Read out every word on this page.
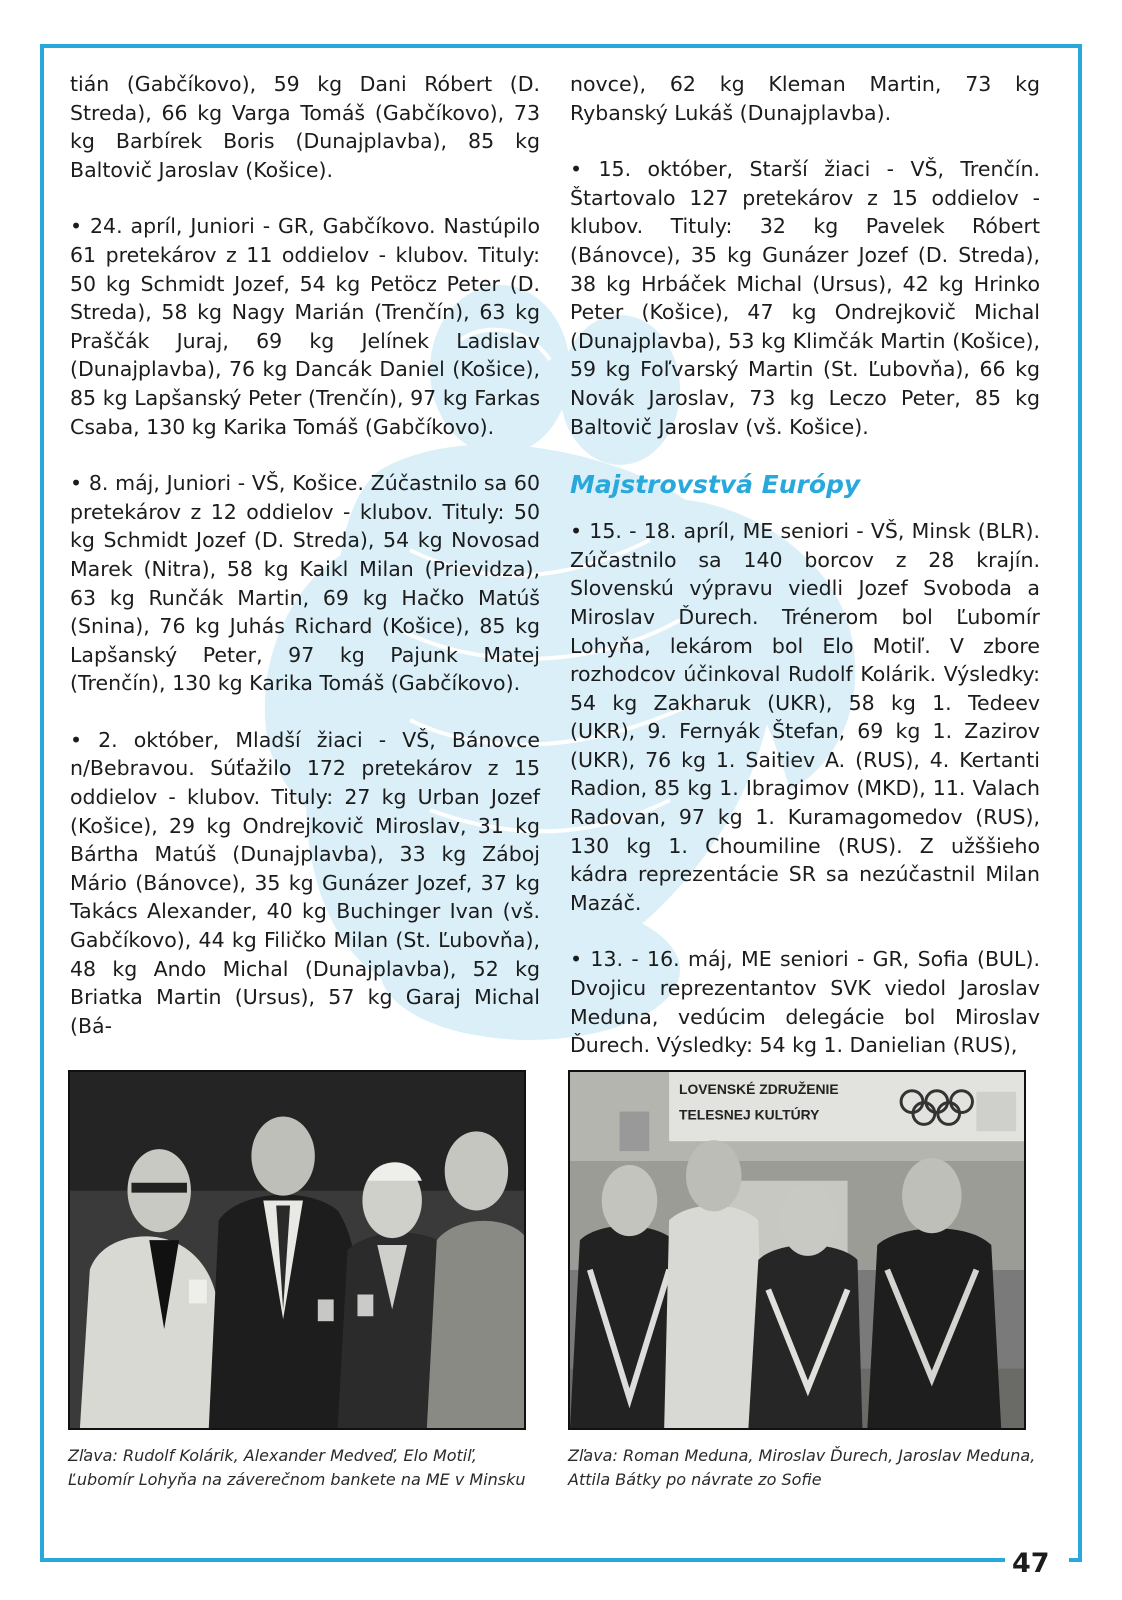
tián (Gabčíkovo), 59 kg Dani Róbert (D. Streda), 66 kg Varga Tomáš (Gabčíkovo), 73 kg Barbírek Boris (Dunajplavba), 85 kg Baltovič Jaroslav (Košice).

• 24. apríl, Juniori - GR, Gabčíkovo. Nastúpilo 61 pretekárov z 11 oddielov - klubov. Tituly: 50 kg Schmidt Jozef, 54 kg Petöcz Peter (D. Streda), 58 kg Nagy Marián (Trenčín), 63 kg Praščák Juraj, 69 kg Jelínek Ladislav (Dunajplavba), 76 kg Dancák Daniel (Košice), 85 kg Lapšanský Peter (Trenčín), 97 kg Farkas Csaba, 130 kg Karika Tomáš (Gabčíkovo).

• 8. máj, Juniori - VŠ, Košice. Zúčastnilo sa 60 pretekárov z 12 oddielov - klubov. Tituly: 50 kg Schmidt Jozef (D. Streda), 54 kg Novosad Marek (Nitra), 58 kg Kaikl Milan (Prievidza), 63 kg Runčák Martin, 69 kg Hačko Matúš (Snina), 76 kg Juhás Richard (Košice), 85 kg Lapšanský Peter, 97 kg Pajunk Matej (Trenčín), 130 kg Karika Tomáš (Gabčíkovo).

• 2. október, Mladší žiaci - VŠ, Bánovce n/Bebravou. Súťažilo 172 pretekárov z 15 oddielov - klubov. Tituly: 27 kg Urban Jozef (Košice), 29 kg Ondrejkovič Miroslav, 31 kg Bártha Matúš (Dunajplavba), 33 kg Záboj Mário (Bánovce), 35 kg Gunázer Jozef, 37 kg Takács Alexander, 40 kg Buchinger Ivan (vš. Gabčíkovo), 44 kg Filičko Milan (St. Ľubovňa), 48 kg Ando Michal (Dunajplavba), 52 kg Briatka Martin (Ursus), 57 kg Garaj Michal (Bá-

novce), 62 kg Kleman Martin, 73 kg Rybanský Lukáš (Dunajplavba).

• 15. október, Starší žiaci - VŠ, Trenčín. Štartovalo 127 pretekárov z 15 oddielov - klubov. Tituly: 32 kg Pavelek Róbert (Bánovce), 35 kg Gunázer Jozef (D. Streda), 38 kg Hrbáček Michal (Ursus), 42 kg Hrinko Peter (Košice), 47 kg Ondrejkovič Michal (Dunajplavba), 53 kg Klimčák Martin (Košice), 59 kg Foľvarský Martin (St. Ľubovňa), 66 kg Novák Jaroslav, 73 kg Leczo Peter, 85 kg Baltovič Jaroslav (vš. Košice).

Majstrovstvá Európy

• 15. - 18. apríl, ME seniori - VŠ, Minsk (BLR). Zúčastnilo sa 140 borcov z 28 krajín. Slovenskú výpravu viedli Jozef Svoboda a Miroslav Ďurech. Trénerom bol Ľubomír Lohyňa, lekárom bol Elo Motiľ. V zbore rozhodcov účinkoval Rudolf Kolárik. Výsledky: 54 kg Zakharuk (UKR), 58 kg 1. Tedeev (UKR), 9. Fernyák Štefan, 69 kg 1. Zazirov (UKR), 76 kg 1. Saitiev A. (RUS), 4. Kertanti Radion, 85 kg 1. Ibragimov (MKD), 11. Valach Radovan, 97 kg 1. Kuramagomedov (RUS), 130 kg 1. Choumiline (RUS). Z užššieho kádra reprezentácie SR sa nezúčastnil Milan Mazáč.

• 13. - 16. máj, ME seniori - GR, Sofia (BUL). Dvojicu reprezentantov SVK viedol Jaroslav Meduna, vedúcim delegácie bol Miroslav Ďurech. Výsledky: 54 kg 1. Danielian (RUS),

LOVENSKÉ ZDRUŽENIE
TELESNEJ KULTÚRY
Zľava: Rudolf Kolárik, Alexander Medveď, Elo Motiľ, Ľubomír Lohyňa na záverečnom bankete na ME v Minsku
Zľava: Roman Meduna, Miroslav Ďurech, Jaroslav Meduna, Attila Bátky po návrate zo Sofie
47
